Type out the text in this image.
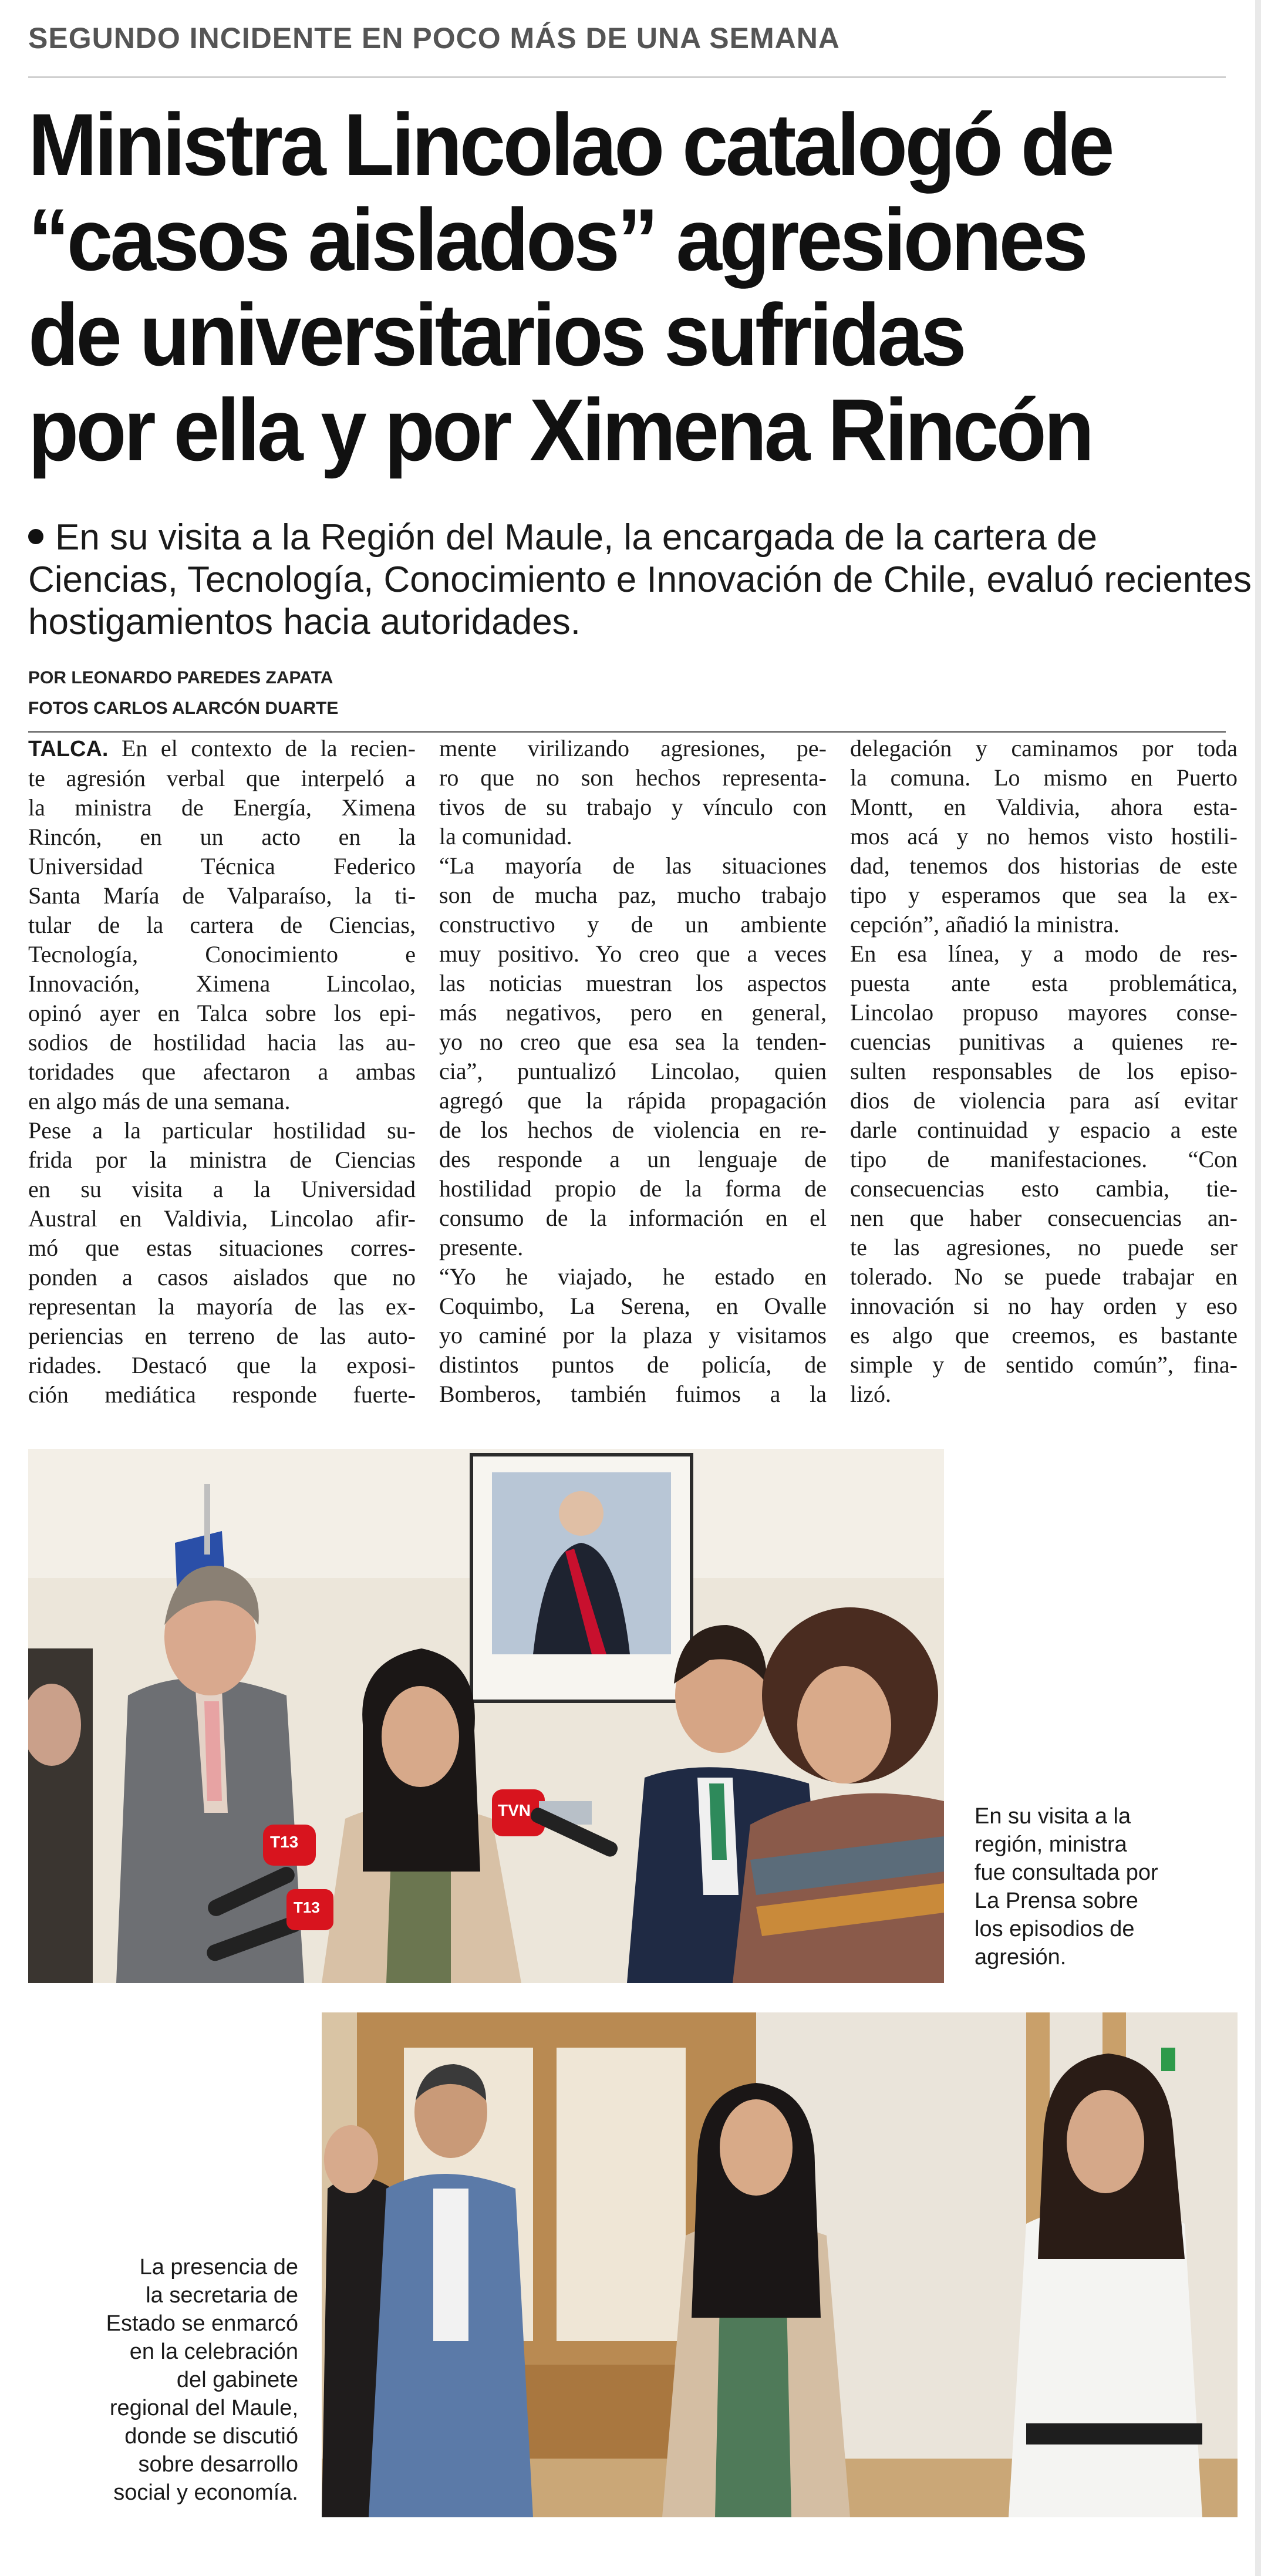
SEGUNDO INCIDENTE EN POCO MÁS DE UNA SEMANA
Ministra Lincolao catalogó de
“casos aislados” agresiones
de universitarios sufridas
por ella y por Ximena Rincón
En su visita a la Región del Maule, la encargada de la cartera de
Ciencias, Tecnología, Conocimiento e Innovación de Chile, evaluó recientes
hostigamientos hacia autoridades.
POR LEONARDO PAREDES ZAPATA
FOTOS CARLOS ALARCÓN DUARTE
TALCA. En el contexto de la recien-
te agresión verbal que interpeló a
la ministra de Energía, Ximena
Rincón, en un acto en la
Universidad Técnica Federico
Santa María de Valparaíso, la ti-
tular de la cartera de Ciencias,
Tecnología, Conocimiento e
Innovación, Ximena Lincolao,
opinó ayer en Talca sobre los epi-
sodios de hostilidad hacia las au-
toridades que afectaron a ambas
en algo más de una semana.
Pese a la particular hostilidad su-
frida por la ministra de Ciencias
en su visita a la Universidad
Austral en Valdivia, Lincolao afir-
mó que estas situaciones corres-
ponden a casos aislados que no
representan la mayoría de las ex-
periencias en terreno de las auto-
ridades. Destacó que la exposi-
ción mediática responde fuerte-
mente virilizando agresiones, pe-
ro que no son hechos representa-
tivos de su trabajo y vínculo con
la comunidad.
“La mayoría de las situaciones
son de mucha paz, mucho trabajo
constructivo y de un ambiente
muy positivo. Yo creo que a veces
las noticias muestran los aspectos
más negativos, pero en general,
yo no creo que esa sea la tenden-
cia”, puntualizó Lincolao, quien
agregó que la rápida propagación
de los hechos de violencia en re-
des responde a un lenguaje de
hostilidad propio de la forma de
consumo de la información en el
presente.
“Yo he viajado, he estado en
Coquimbo, La Serena, en Ovalle
yo caminé por la plaza y visitamos
distintos puntos de policía, de
Bomberos, también fuimos a la
delegación y caminamos por toda
la comuna. Lo mismo en Puerto
Montt, en Valdivia, ahora esta-
mos acá y no hemos visto hostili-
dad, tenemos dos historias de este
tipo y esperamos que sea la ex-
cepción”, añadió la ministra.
En esa línea, y a modo de res-
puesta ante esta problemática,
Lincolao propuso mayores conse-
cuencias punitivas a quienes re-
sulten responsables de los episo-
dios de violencia para así evitar
darle continuidad y espacio a este
tipo de manifestaciones. “Con
consecuencias esto cambia, tie-
nen que haber consecuencias an-
te las agresiones, no puede ser
tolerado. No se puede trabajar en
innovación si no hay orden y eso
es algo que creemos, es bastante
simple y de sentido común”, fina-
lizó.
T13
T13
TVN	En su visita a la
región, ministra
fue consultada por
La Prensa sobre
los episodios de
agresión.
La presencia de
la secretaria de
Estado se enmarcó
en la celebración
del gabinete
regional del Maule,
donde se discutió
sobre desarrollo
social y economía.
